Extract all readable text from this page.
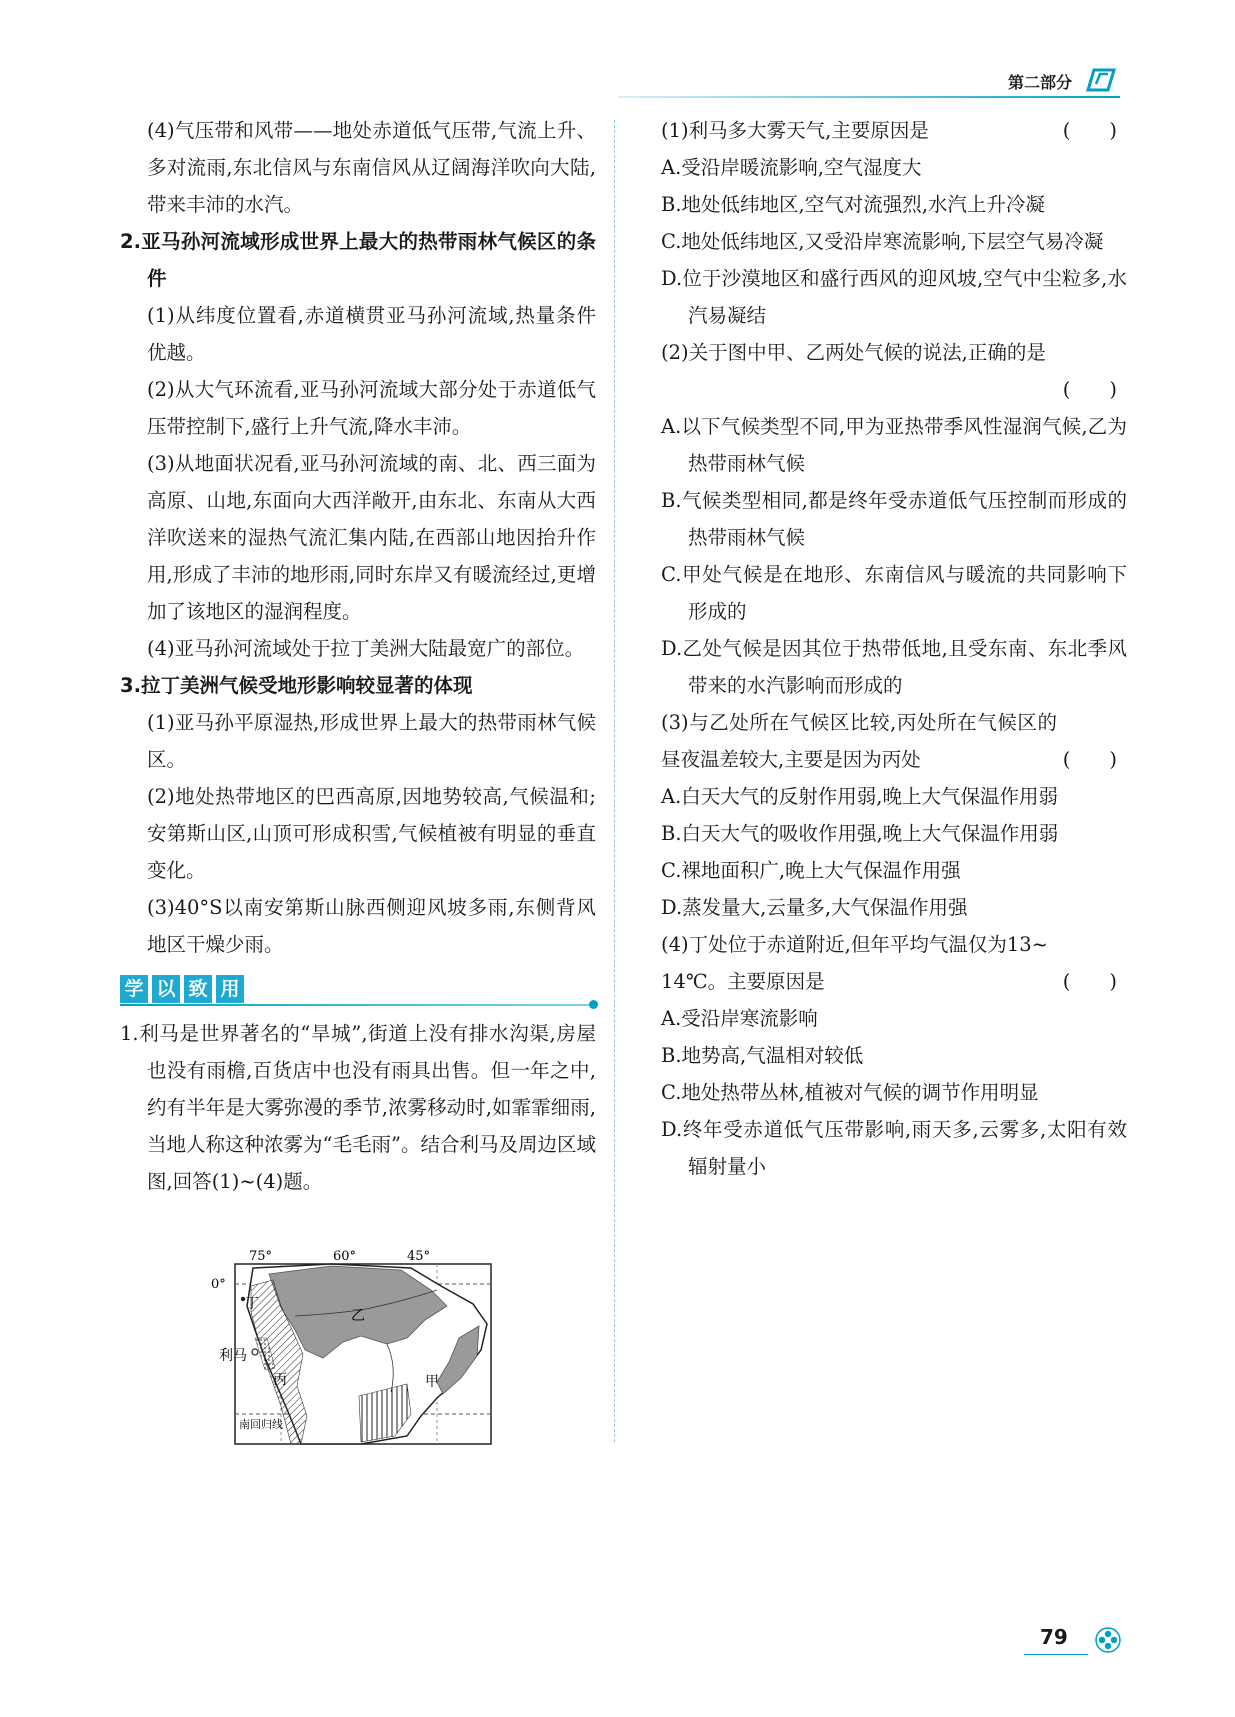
第二部分

(4)气压带和风带——地处赤道低气压带,气流上升、多对流雨,东北信风与东南信风从辽阔海洋吹向大陆,带来丰沛的水汽。

2.亚马孙河流域形成世界上最大的热带雨林气候区的条件

(1)从纬度位置看,赤道横贯亚马孙河流域,热量条件优越。

(2)从大气环流看,亚马孙河流域大部分处于赤道低气压带控制下,盛行上升气流,降水丰沛。

(3)从地面状况看,亚马孙河流域的南、北、西三面为高原、山地,东面向大西洋敞开,由东北、东南从大西洋吹送来的湿热气流汇集内陆,在西部山地因抬升作用,形成了丰沛的地形雨,同时东岸又有暖流经过,更增加了该地区的湿润程度。

(4)亚马孙河流域处于拉丁美洲大陆最宽广的部位。

3.拉丁美洲气候受地形影响较显著的体现

(1)亚马孙平原湿热,形成世界上最大的热带雨林气候区。

(2)地处热带地区的巴西高原,因地势较高,气候温和;安第斯山区,山顶可形成积雪,气候植被有明显的垂直变化。

(3)40°S以南安第斯山脉西侧迎风坡多雨,东侧背风地区干燥少雨。

学 以 致 用

1.利马是世界著名的“旱城”,街道上没有排水沟渠,房屋也没有雨檐,百货店中也没有雨具出售。但一年之中,约有半年是大雾弥漫的季节,浓雾移动时,如霏霏细雨,当地人称这种浓雾为“毛毛雨”。结合利马及周边区域图,回答(1)~(4)题。

75°	60°	45°
0°
丁
乙
利马
丙	甲
南回归线
(1)利马多大雾天气,主要原因是	(　　)

A.受沿岸暖流影响,空气湿度大

B.地处低纬地区,空气对流强烈,水汽上升冷凝

C.地处低纬地区,又受沿岸寒流影响,下层空气易冷凝

D.位于沙漠地区和盛行西风的迎风坡,空气中尘粒多,水汽易凝结

(2)关于图中甲、乙两处气候的说法,正确的是

(　　)

A.以下气候类型不同,甲为亚热带季风性湿润气候,乙为热带雨林气候

B.气候类型相同,都是终年受赤道低气压控制而形成的热带雨林气候

C.甲处气候是在地形、东南信风与暖流的共同影响下形成的

D.乙处气候是因其位于热带低地,且受东南、东北季风带来的水汽影响而形成的

(3)与乙处所在气候区比较,丙处所在气候区的昼夜温差较大,主要是因为丙处	(　　)

A.白天大气的反射作用弱,晚上大气保温作用弱

B.白天大气的吸收作用强,晚上大气保温作用弱

C.裸地面积广,晚上大气保温作用强

D.蒸发量大,云量多,大气保温作用强

(4)丁处位于赤道附近,但年平均气温仅为13~

14℃。主要原因是	(　　)

A.受沿岸寒流影响

B.地势高,气温相对较低

C.地处热带丛林,植被对气候的调节作用明显

D.终年受赤道低气压带影响,雨天多,云雾多,太阳有效辐射量小

79
